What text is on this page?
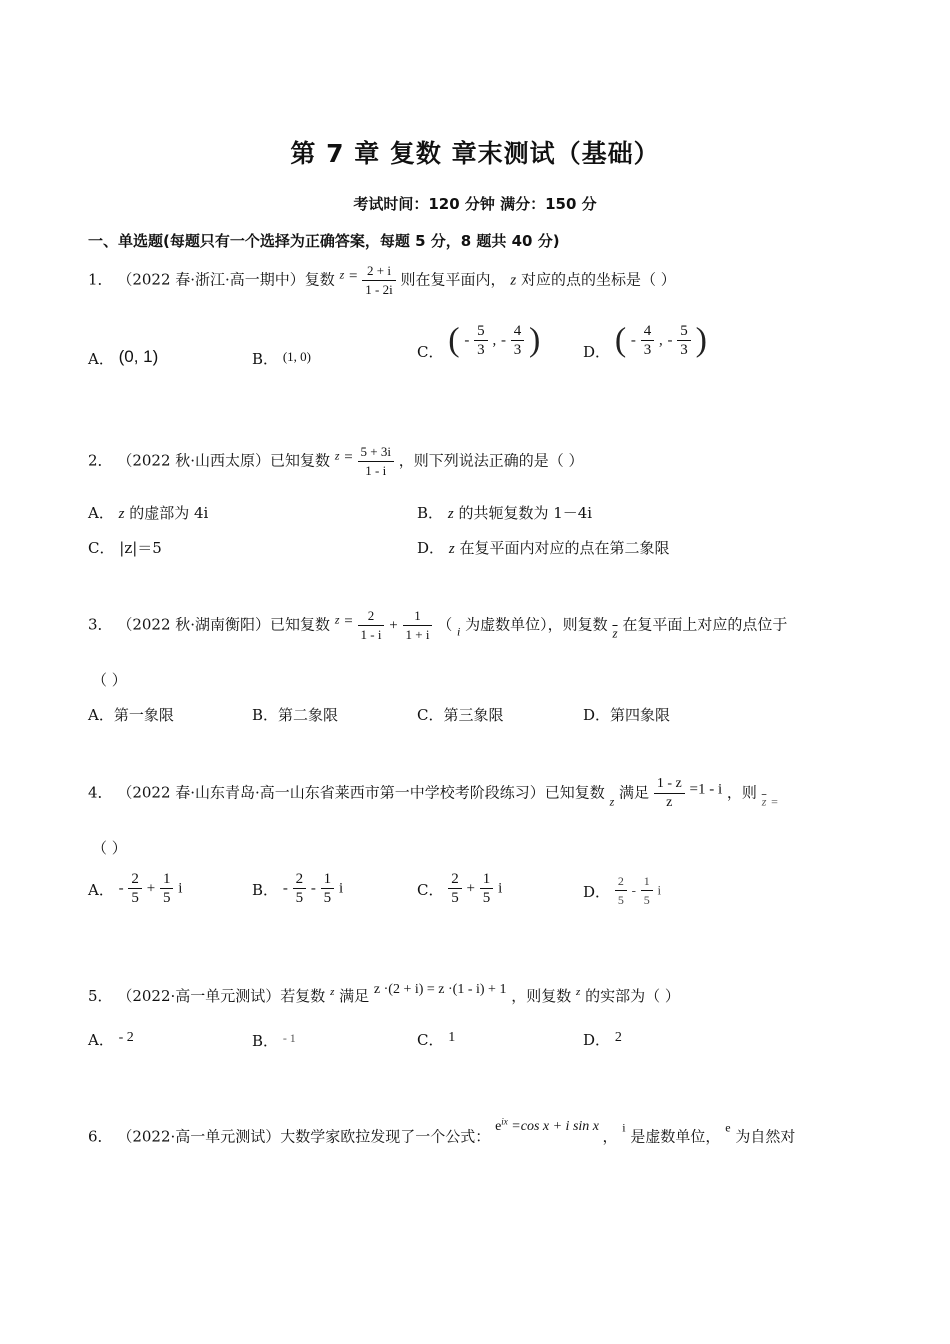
第 7 章 复数 章末测试（基础）
考试时间：120 分钟 满分：150 分
一、单选题(每题只有一个选择为正确答案，每题 5 分，8 题共 40 分)
1． （2022 春·浙江·高一期中）复数 $^z = \frac{2 + i}{1 - 2i}$ 则在复平面内， z 对应的点的坐标是（ ）
A． (0, 1)	B． (1, 0)	C． ( - $\frac{5}{3}$ , - $\frac{4}{3}$ )	D． ( - $\frac{4}{3}$ , - $\frac{5}{3}$ )
2． （2022 秋·山西太原）已知复数 $^z = \frac{5 + 3i}{1 - i}$ ，则下列说法正确的是（ ）
A． z 的虚部为 4i	B． z 的共轭复数为 1－4i
C． |z|＝5	D． z 在复平面内对应的点在第二象限
3． （2022 秋·湖南衡阳）已知复数 $^z = \frac{2}{1 - i} + \frac{1}{1 + i}$ （ $_i$ 为虚数单位），则复数 $\overline{z}$ 在复平面上对应的点位于
（ ）
A．第一象限	B．第二象限	C．第三象限	D．第四象限
4． （2022 春·山东青岛·高一山东省莱西市第一中学校考阶段练习）已知复数 $_z$ 满足 $\frac{1 - z}{z} =1 - i$ ，则 $_{\overline{z}}$ $_=$
（ ）
A． - $\frac{2}{5} + \frac{1}{5}$ i	B． - $\frac{2}{5} - \frac{1}{5}$ i	C． $\frac{2}{5} + \frac{1}{5}$ i	D． $\frac{2}{5} - \frac{1}{5}$ i
5． （2022·高一单元测试）若复数 $^z$ 满足 z ·(2 + i) = z ·(1 - i) + 1 ，则复数 $^z$ 的实部为（ ）
A． - 2	B． $^{- 1}$	C． 1	D． 2
6． （2022·高一单元测试）大数学家欧拉发现了一个公式： $e^{ix} =\cos$ x + i sin x ， $^i$ 是虚数单位， $^e$ 为自然对
